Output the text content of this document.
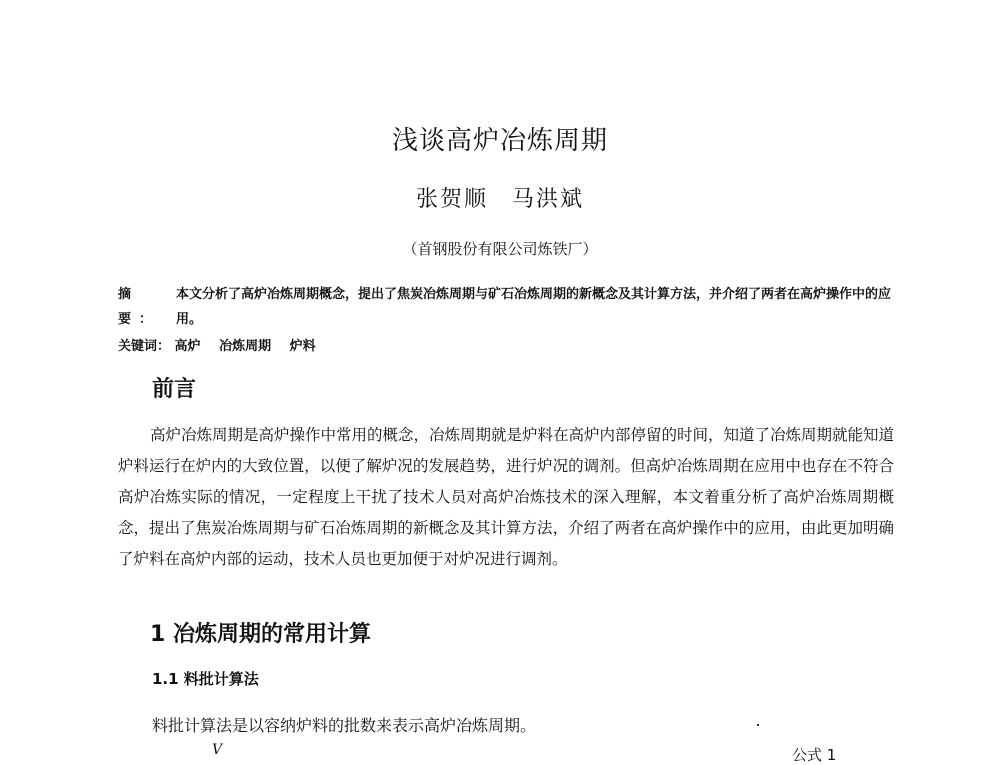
浅谈高炉冶炼周期
张贺顺　马洪斌
（首钢股份有限公司炼铁厂）
摘　要：
本文分析了高炉冶炼周期概念，提出了焦炭冶炼周期与矿石冶炼周期的新概念及其计算方法，并介绍了两者在高炉操作中的应用。
关键词： 高炉 冶炼周期 炉料
前言
高炉冶炼周期是高炉操作中常用的概念，冶炼周期就是炉料在高炉内部停留的时间，知道了冶炼周期就能知道炉料运行在炉内的大致位置，以便了解炉况的发展趋势，进行炉况的调剂。但高炉冶炼周期在应用中也存在不符合高炉冶炼实际的情况，一定程度上干扰了技术人员对高炉冶炼技术的深入理解，本文着重分析了高炉冶炼周期概念，提出了焦炭冶炼周期与矿石冶炼周期的新概念及其计算方法，介绍了两者在高炉操作中的应用，由此更加明确了炉料在高炉内部的运动，技术人员也更加便于对炉况进行调剂。
1 冶炼周期的常用计算
1.1 料批计算法
料批计算法是以容纳炉料的批数来表示高炉冶炼周期。
V	公式 1
